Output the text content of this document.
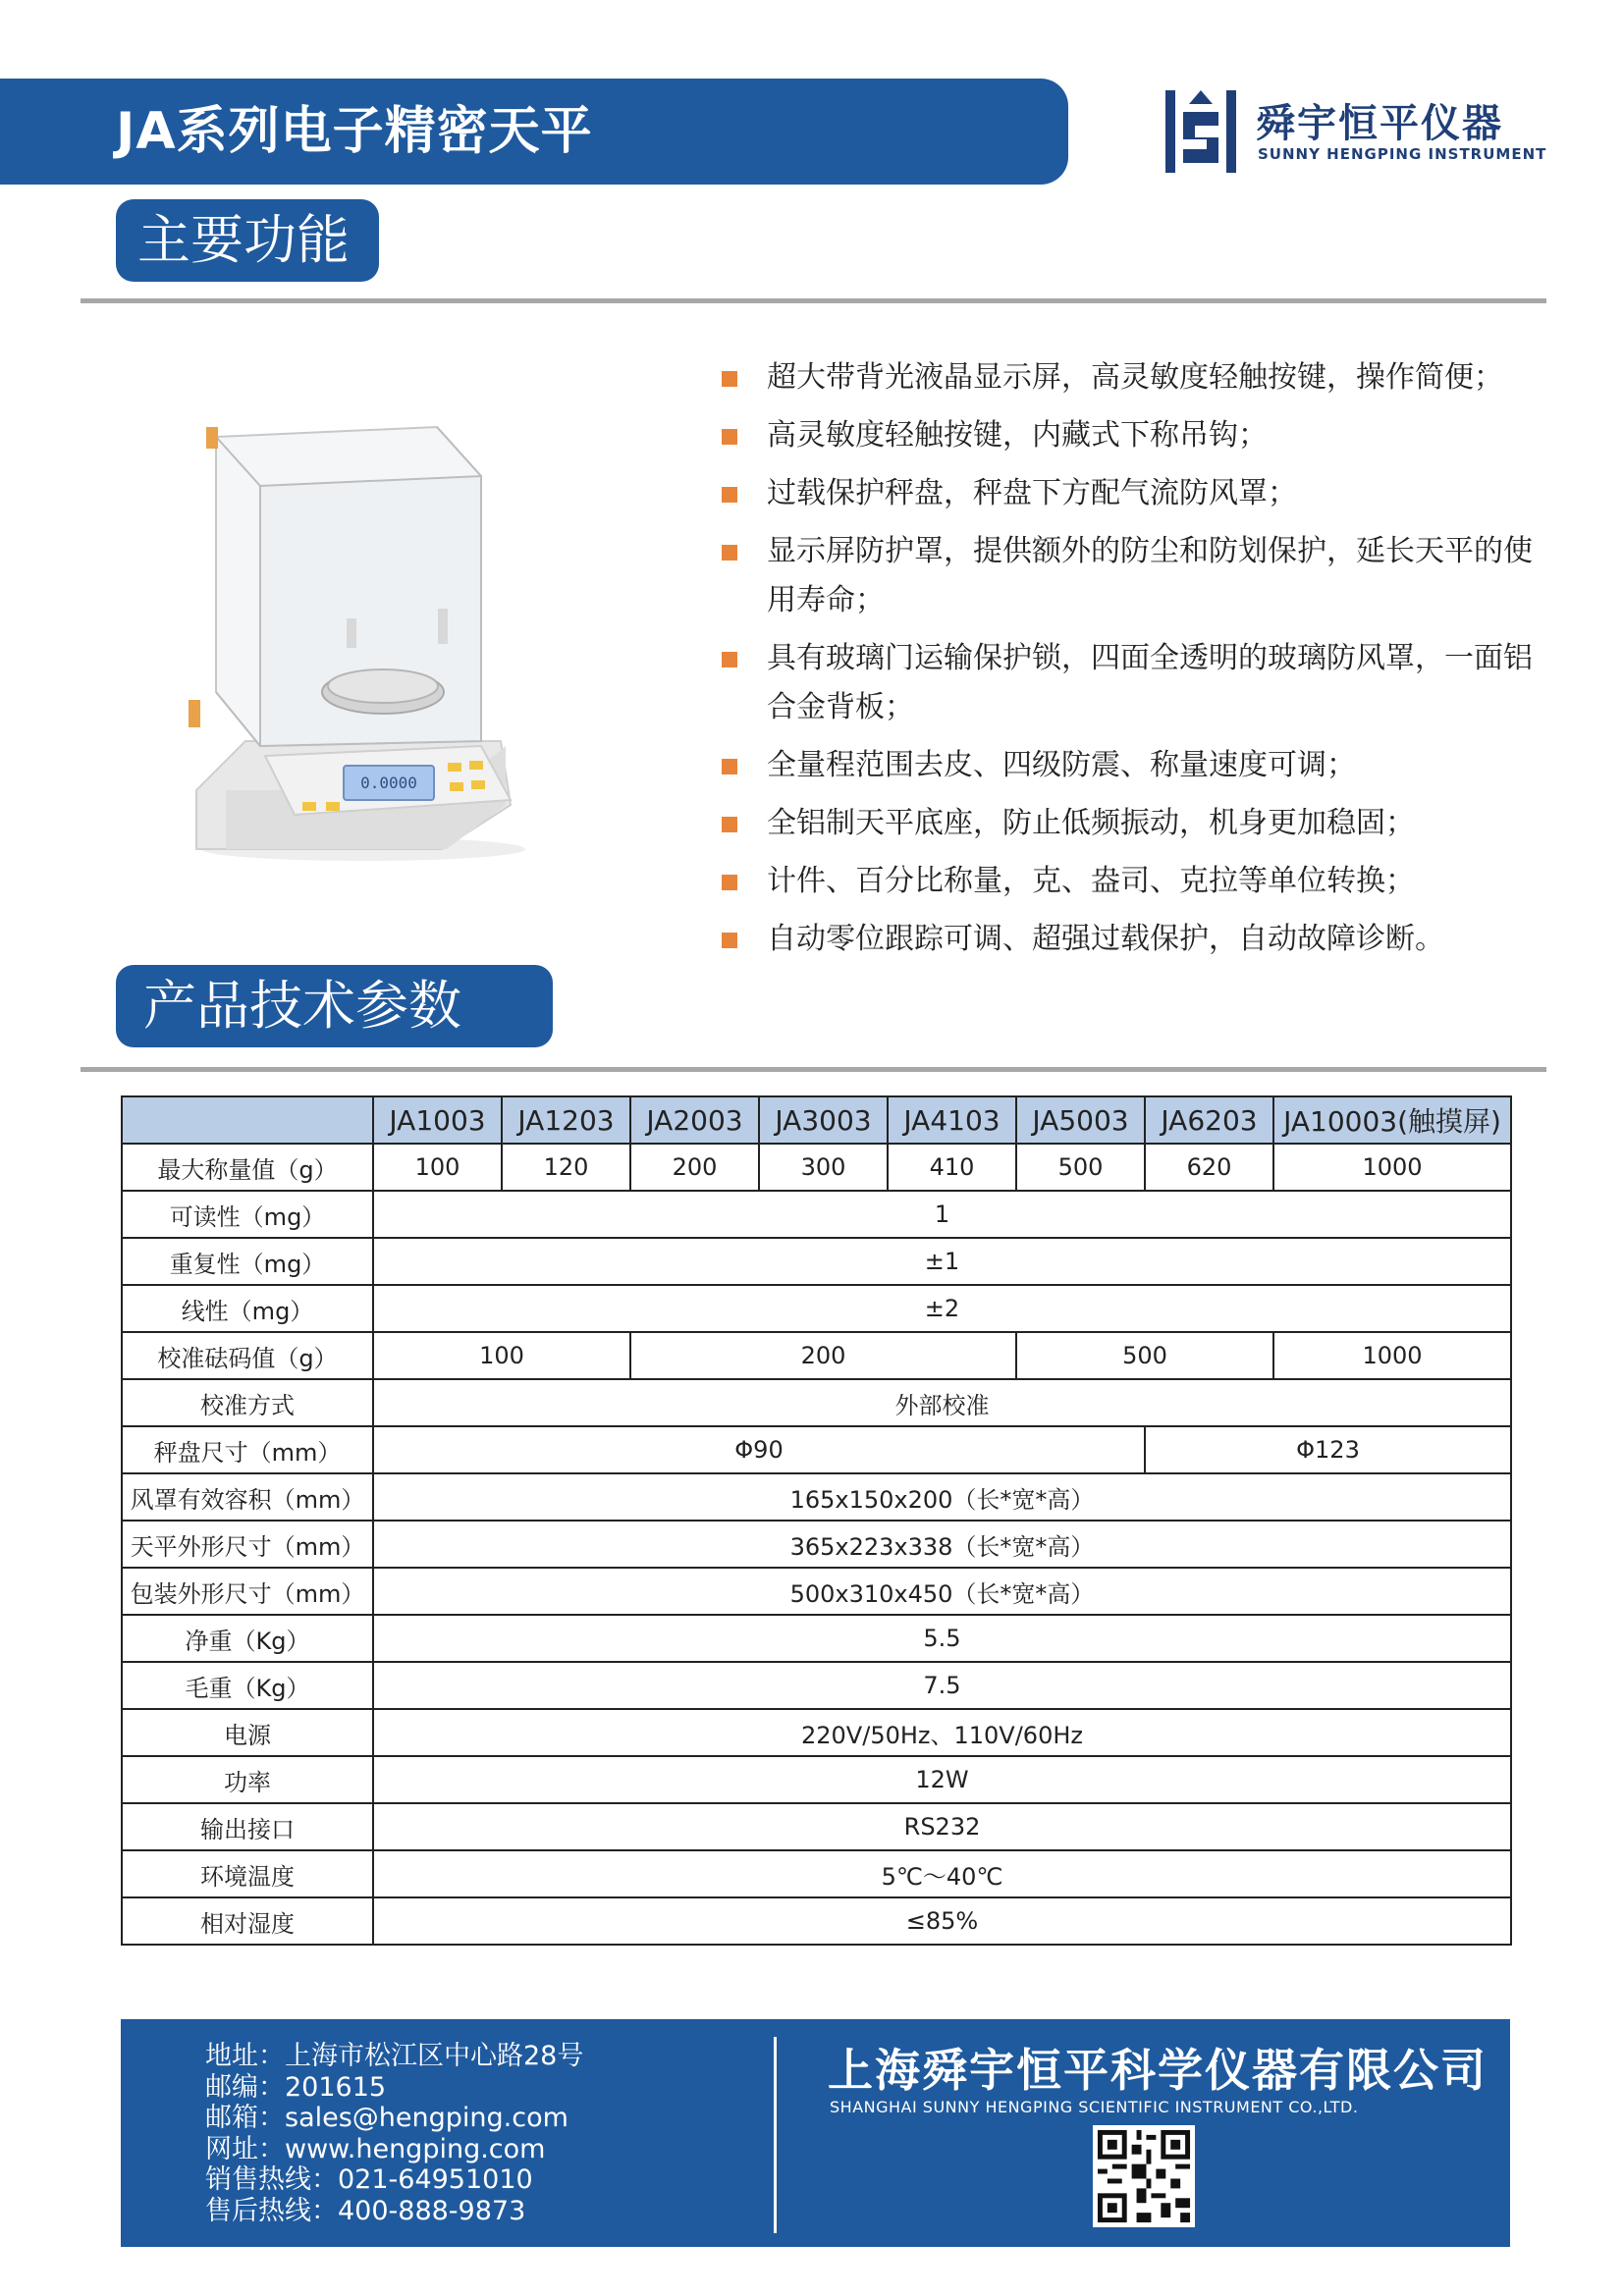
JA系列电子精密天平	舜宇恒平仪器
SUNNY HENGPING INSTRUMENT
主要功能
0.0000
超大带背光液晶显示屏，高灵敏度轻触按键，操作简便；
高灵敏度轻触按键，内藏式下称吊钩；
过载保护秤盘，秤盘下方配气流防风罩；
显示屏防护罩，提供额外的防尘和防划保护，延长天平的使用寿命；
具有玻璃门运输保护锁，四面全透明的玻璃防风罩，一面铝合金背板；
全量程范围去皮、四级防震、称量速度可调；
全铝制天平底座，防止低频振动，机身更加稳固；
计件、百分比称量，克、盎司、克拉等单位转换；
自动零位跟踪可调、超强过载保护，自动故障诊断。
产品技术参数
	JA1003	JA1203	JA2003	JA3003	JA4103	JA5003	JA6203	JA10003(触摸屏)
最大称量值（g）	100	120	200	300	410	500	620	1000
可读性（mg）	1							
重复性（mg）	±1							
线性（mg）	±2							
校准砝码值（g）	100		200			500		1000
校准方式	外部校准							
秤盘尺寸（mm）	Φ90						Φ123	
风罩有效容积（mm）	165x150x200（长*宽*高）							
天平外形尺寸（mm）	365x223x338（长*宽*高）							
包装外形尺寸（mm）	500x310x450（长*宽*高）							
净重（Kg）	5.5							
毛重（Kg）	7.5							
电源	220V/50Hz、110V/60Hz							
功率	12W							
输出接口	RS232							
环境温度	5℃～40℃							
相对湿度	≤85%							
地址：上海市松江区中心路28号
邮编：201615
邮箱：sales@hengping.com
网址：www.hengping.com
销售热线：021-64951010
售后热线：400-888-9873
上海舜宇恒平科学仪器有限公司
SHANGHAI SUNNY HENGPING SCIENTIFIC INSTRUMENT CO.,LTD.
